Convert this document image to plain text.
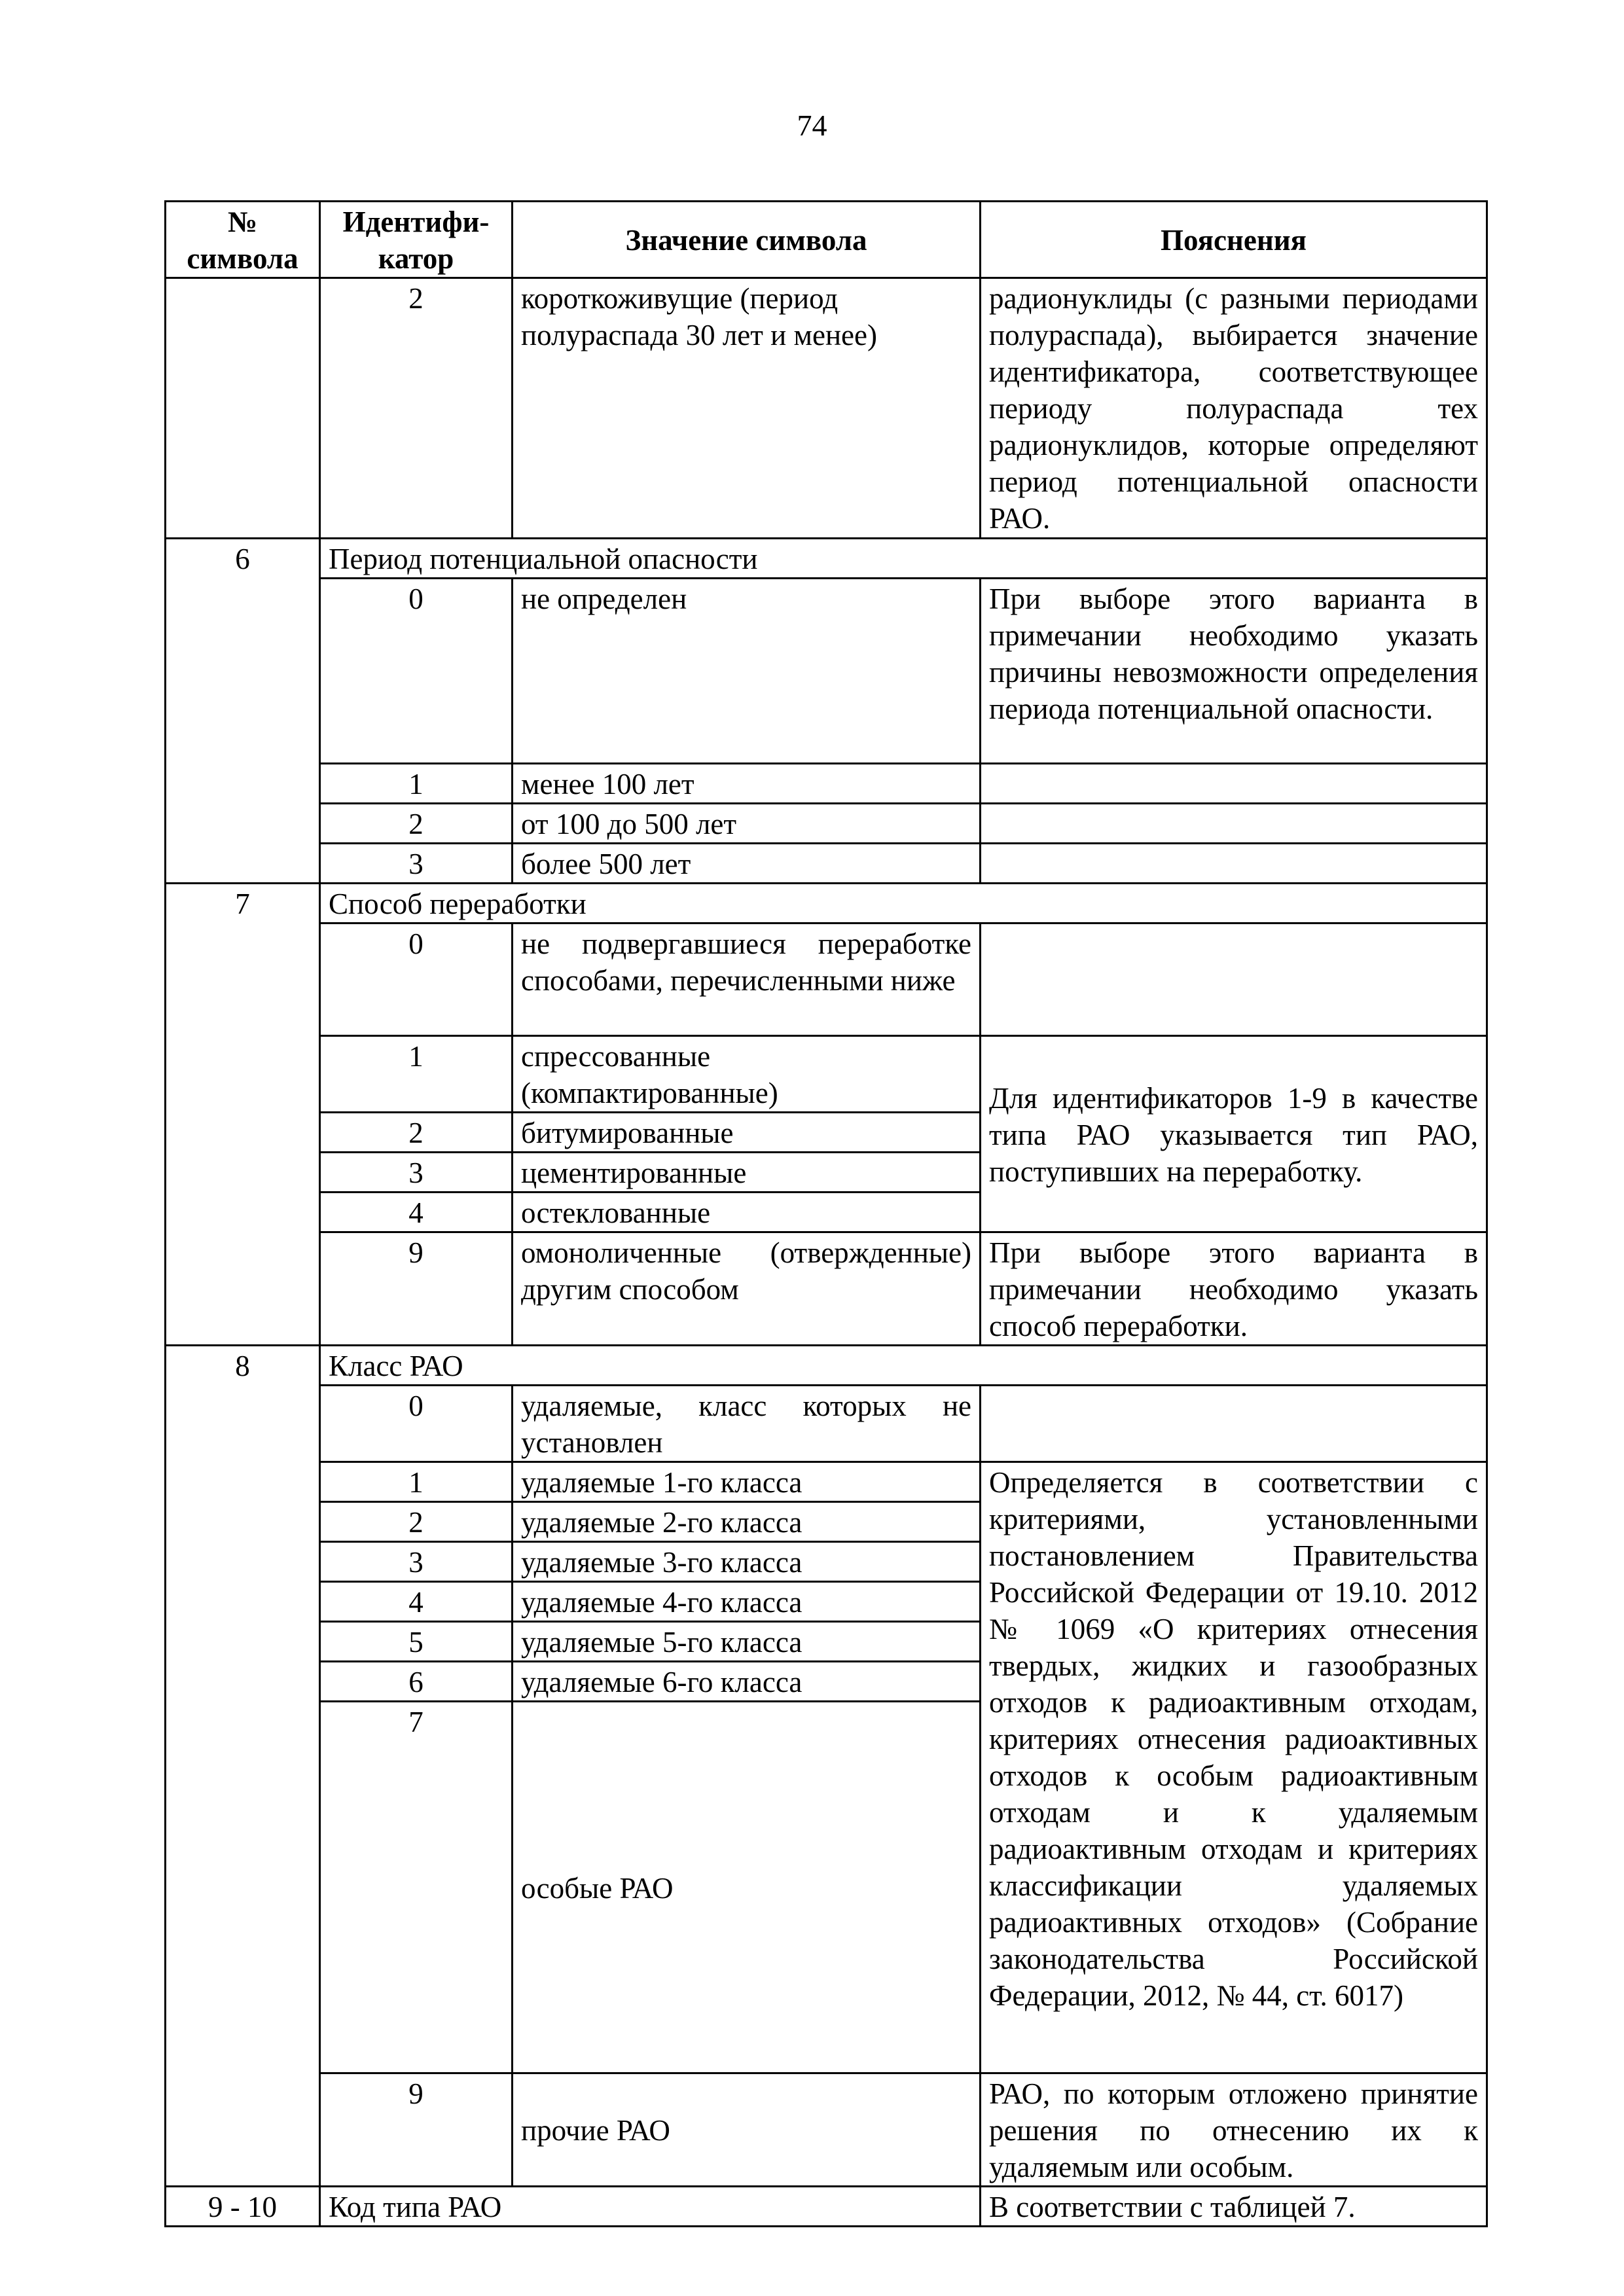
74
№ символа	Идентифи-катор	Значение символа	Пояснения
	2	короткоживущие (период полураспада 30 лет и менее)	радионуклиды (с разными периодами полураспада), выбирается значение идентификатора, соответствующее периоду полураспада тех радионуклидов, которые определяют период потенциальной опасности РАО.
6	Период потенциальной опасности		
	0	не определен	При выборе этого варианта в примечании необходимо указать причины невозможности определения периода потенциальной опасности.
	1	менее 100 лет	
	2	от 100 до 500 лет	
	3	более 500 лет	
7	Способ переработки		
	0	не подвергавшиеся переработке способами, перечисленными ниже	
	1	спрессованные (компактированные)	Для идентификаторов 1-9 в качестве типа РАО указывается тип РАО, поступивших на переработку.
	2	битумированные	
	3	цементированные	
	4	остеклованные	
	9	омоноличенные (отвержденные) другим способом	При выборе этого варианта в примечании необходимо указать способ переработки.
8	Класс РАО		
	0	удаляемые, класс которых не установлен	
	1	удаляемые 1-го класса	Определяется в соответствии с критериями, установленными постановлением Правительства Российской Федерации от 19.10. 2012 № 1069 «О критериях отнесения твердых, жидких и газообразных отходов к радиоактивным отходам, критериях отнесения радиоактивных отходов к особым радиоактивным отходам и к удаляемым радиоактивным отходам и критериях классификации удаляемых радиоактивных отходов» (Собрание законодательства Российской Федерации, 2012, № 44, ст. 6017)
	2	удаляемые 2-го класса	
	3	удаляемые 3-го класса	
	4	удаляемые 4-го класса	
	5	удаляемые 5-го класса	
	6	удаляемые 6-го класса	
	7	особые РАО	
	9	прочие РАО	РАО, по которым отложено принятие решения по отнесению их к удаляемым или особым.
9 - 10	Код типа РАО		В соответствии с таблицей 7.
